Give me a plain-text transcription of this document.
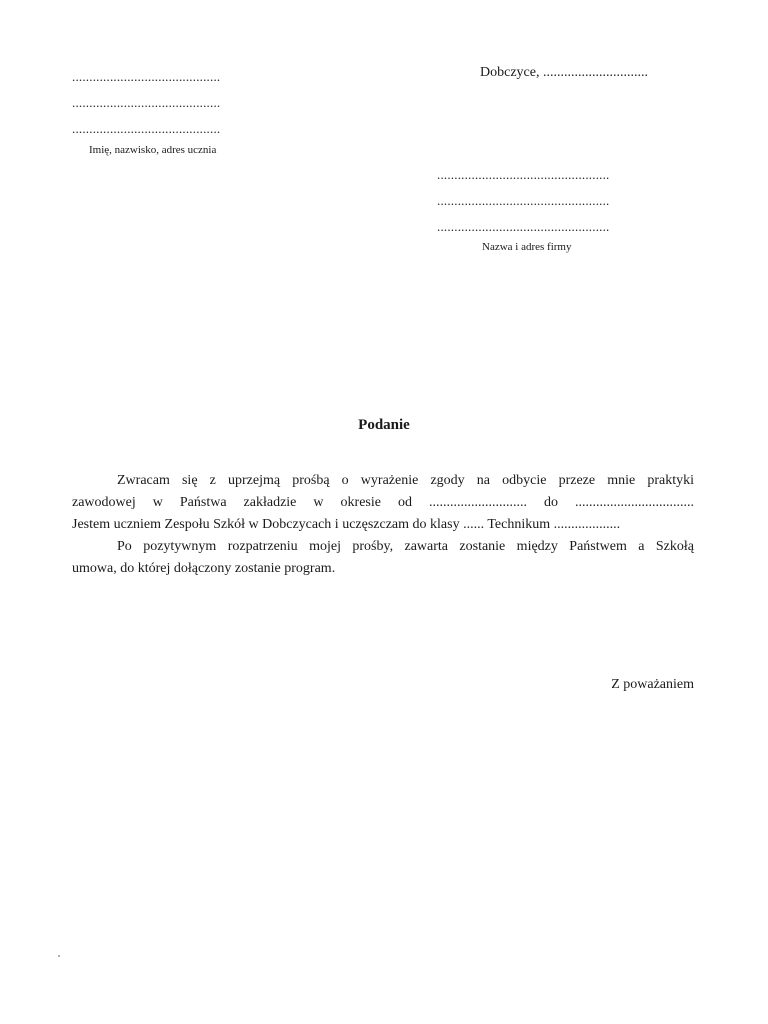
...........................................
...........................................
...........................................
Imię, nazwisko, adres ucznia
Dobczyce, ..............................
..................................................
..................................................
..................................................
Nazwa i adres firmy
Podanie

Zwracam się z uprzejmą prośbą o wyrażenie zgody na odbycie przeze mnie praktyki
zawodowej w Państwa zakładzie w okresie od ............................ do ..................................
Jestem uczniem Zespołu Szkół w Dobczycach i uczęszczam do klasy ...... Technikum ...................

Po pozytywnym rozpatrzeniu mojej prośby, zawarta zostanie między Państwem a Szkołą
umowa, do której dołączony zostanie program.

Z poważaniem
